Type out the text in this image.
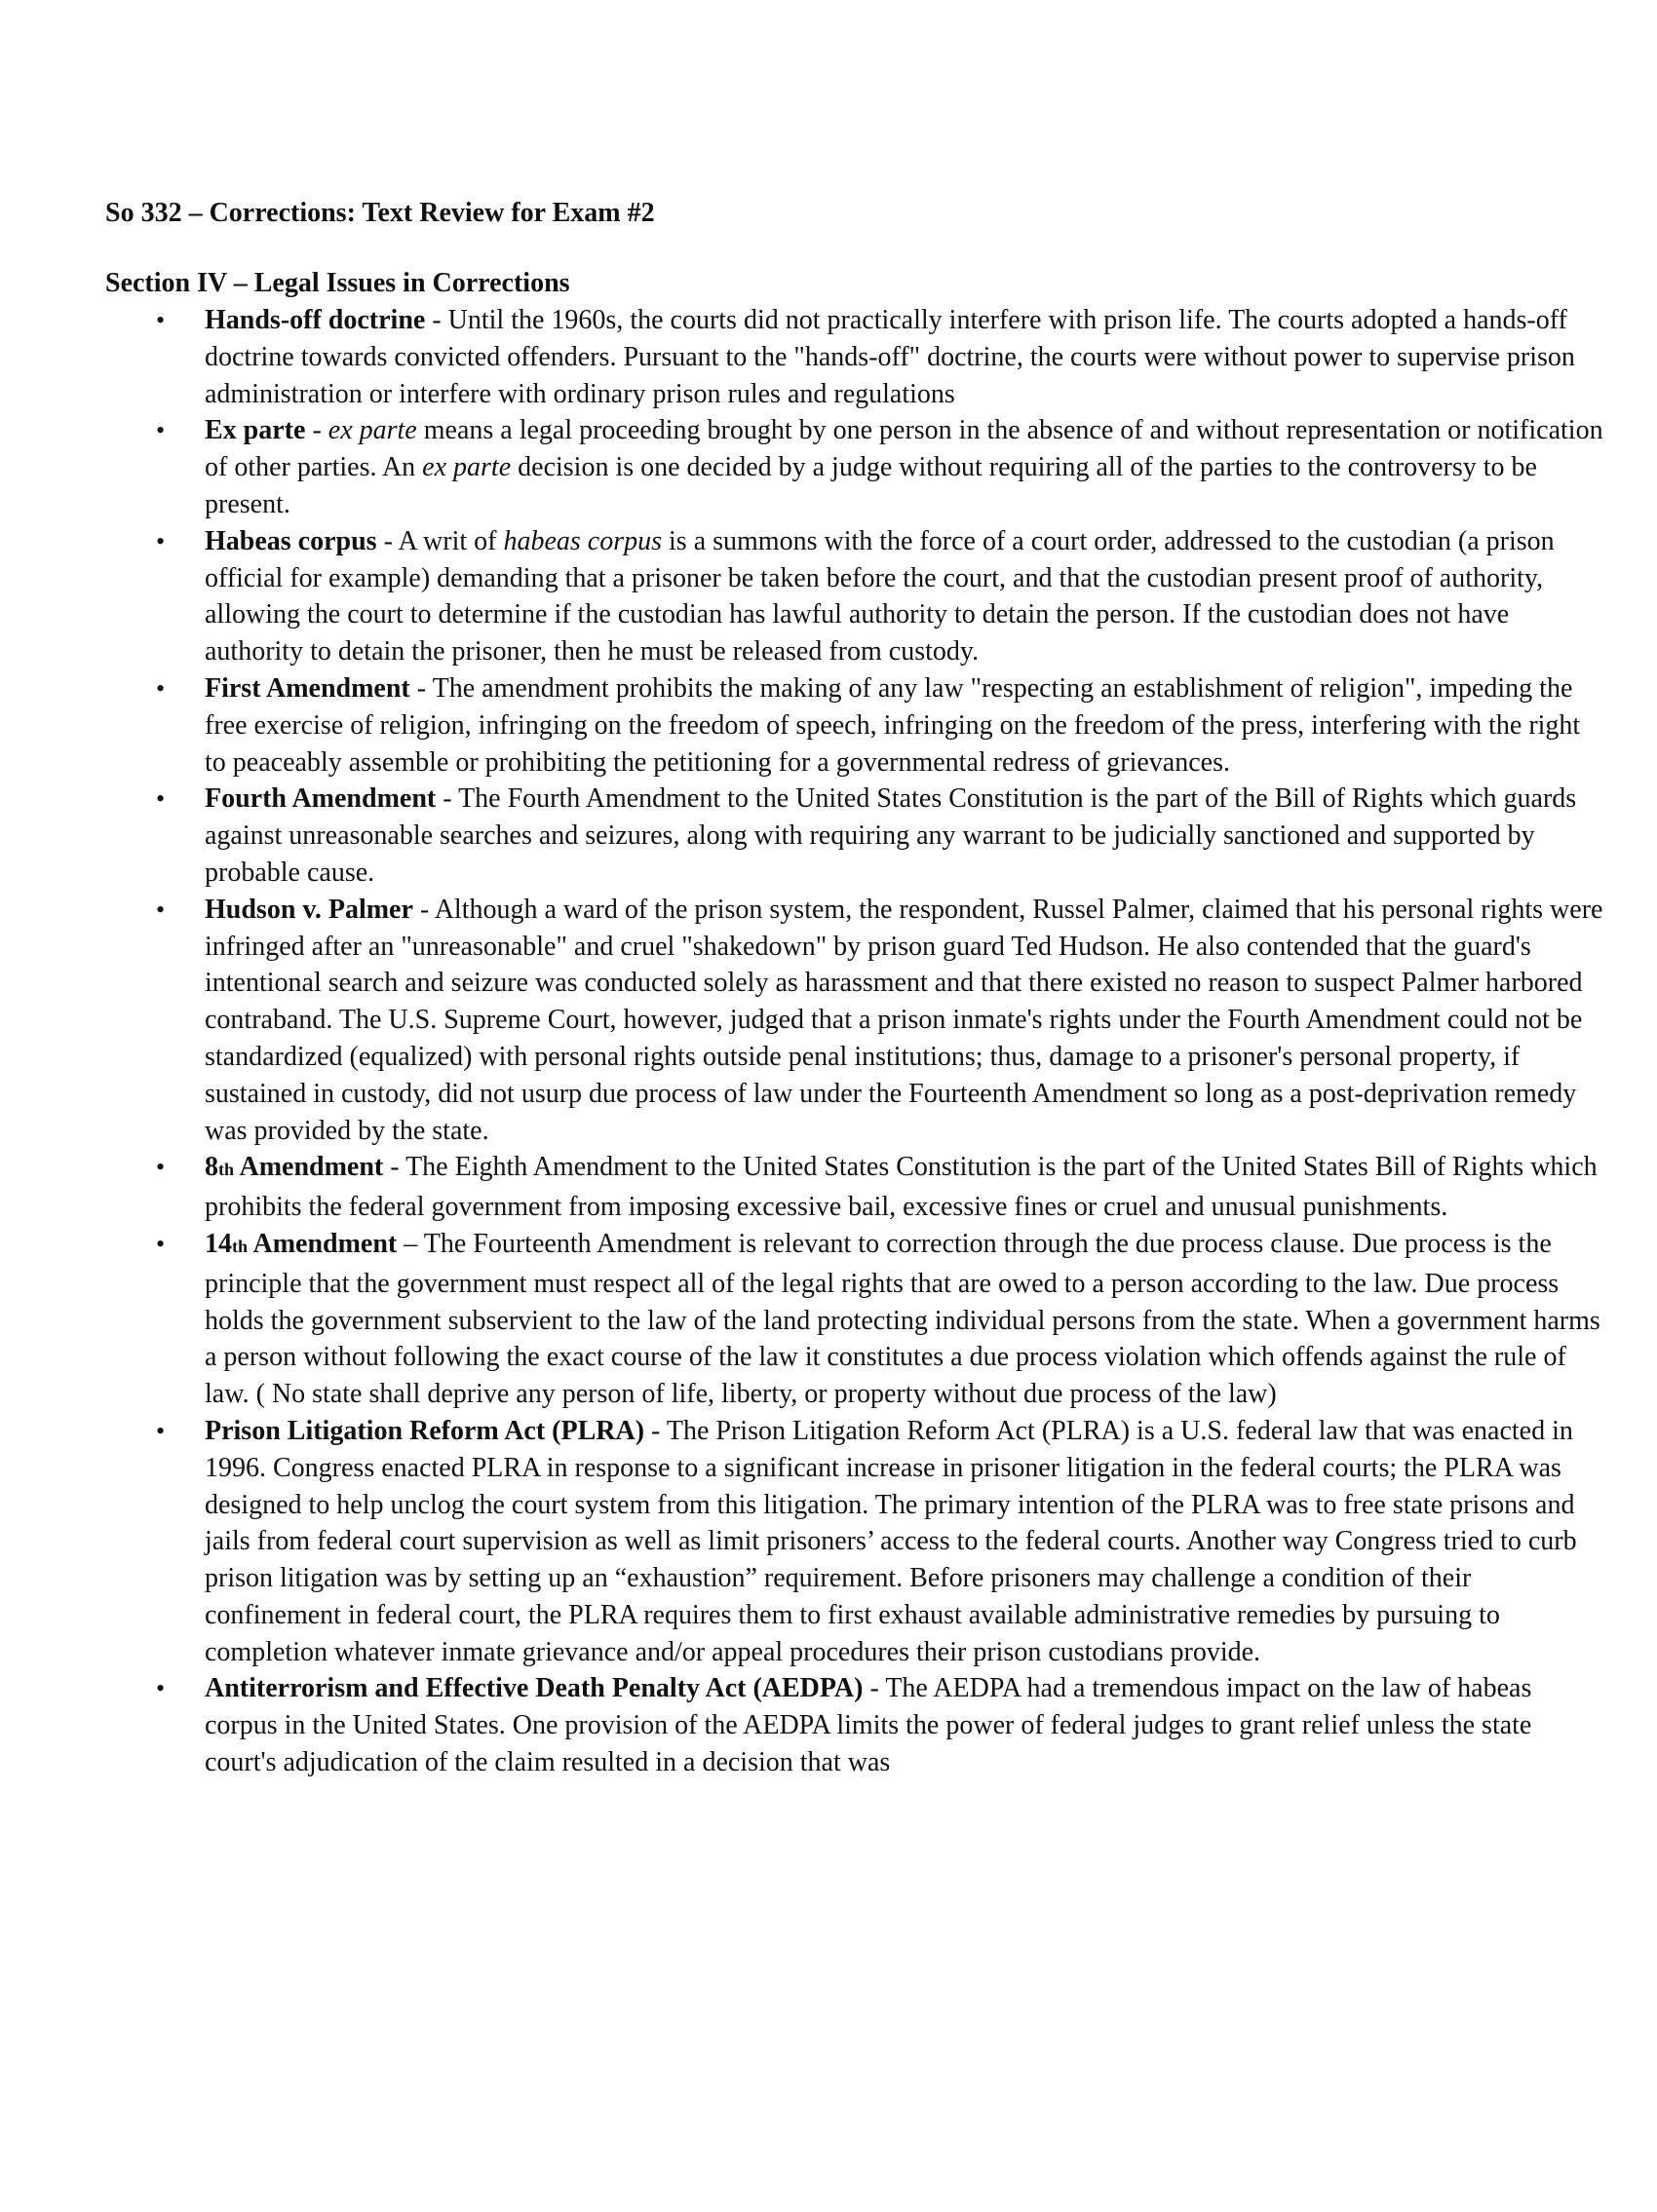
So 332 – Corrections: Text Review for Exam #2

Section IV – Legal Issues in Corrections

• Hands-off doctrine - Until the 1960s, the courts did not practically interfere with prison life. The courts adopted a hands-off doctrine towards convicted offenders. Pursuant to the "hands-off" doctrine, the courts were without power to supervise prison administration or interfere with ordinary prison rules and regulations
• Ex parte - ex parte means a legal proceeding brought by one person in the absence of and without representation or notification of other parties. An ex parte decision is one decided by a judge without requiring all of the parties to the controversy to be present.
• Habeas corpus - A writ of habeas corpus is a summons with the force of a court order, addressed to the custodian (a prison official for example) demanding that a prisoner be taken before the court, and that the custodian present proof of authority, allowing the court to determine if the custodian has lawful authority to detain the person. If the custodian does not have authority to detain the prisoner, then he must be released from custody.
• First Amendment - The amendment prohibits the making of any law "respecting an establishment of religion", impeding the free exercise of religion, infringing on the freedom of speech, infringing on the freedom of the press, interfering with the right to peaceably assemble or prohibiting the petitioning for a governmental redress of grievances.
• Fourth Amendment - The Fourth Amendment to the United States Constitution is the part of the Bill of Rights which guards against unreasonable searches and seizures, along with requiring any warrant to be judicially sanctioned and supported by probable cause.
• Hudson v. Palmer - Although a ward of the prison system, the respondent, Russel Palmer, claimed that his personal rights were infringed after an "unreasonable" and cruel "shakedown" by prison guard Ted Hudson. He also contended that the guard's intentional search and seizure was conducted solely as harassment and that there existed no reason to suspect Palmer harbored contraband. The U.S. Supreme Court, however, judged that a prison inmate's rights under the Fourth Amendment could not be standardized (equalized) with personal rights outside penal institutions; thus, damage to a prisoner's personal property, if sustained in custody, did not usurp due process of law under the Fourteenth Amendment so long as a post-deprivation remedy was provided by the state.
• 8th Amendment - The Eighth Amendment to the United States Constitution is the part of the United States Bill of Rights which prohibits the federal government from imposing excessive bail, excessive fines or cruel and unusual punishments.
• 14th Amendment – The Fourteenth Amendment is relevant to correction through the due process clause. Due process is the principle that the government must respect all of the legal rights that are owed to a person according to the law. Due process holds the government subservient to the law of the land protecting individual persons from the state. When a government harms a person without following the exact course of the law it constitutes a due process violation which offends against the rule of law. ( No state shall deprive any person of life, liberty, or property without due process of the law)
• Prison Litigation Reform Act (PLRA) - The Prison Litigation Reform Act (PLRA) is a U.S. federal law that was enacted in 1996. Congress enacted PLRA in response to a significant increase in prisoner litigation in the federal courts; the PLRA was designed to help unclog the court system from this litigation. The primary intention of the PLRA was to free state prisons and jails from federal court supervision as well as limit prisoners’ access to the federal courts. Another way Congress tried to curb prison litigation was by setting up an “exhaustion” requirement. Before prisoners may challenge a condition of their confinement in federal court, the PLRA requires them to first exhaust available administrative remedies by pursuing to completion whatever inmate grievance and/or appeal procedures their prison custodians provide.
• Antiterrorism and Effective Death Penalty Act (AEDPA) - The AEDPA had a tremendous impact on the law of habeas corpus in the United States. One provision of the AEDPA limits the power of federal judges to grant relief unless the state court's adjudication of the claim resulted in a decision that was
